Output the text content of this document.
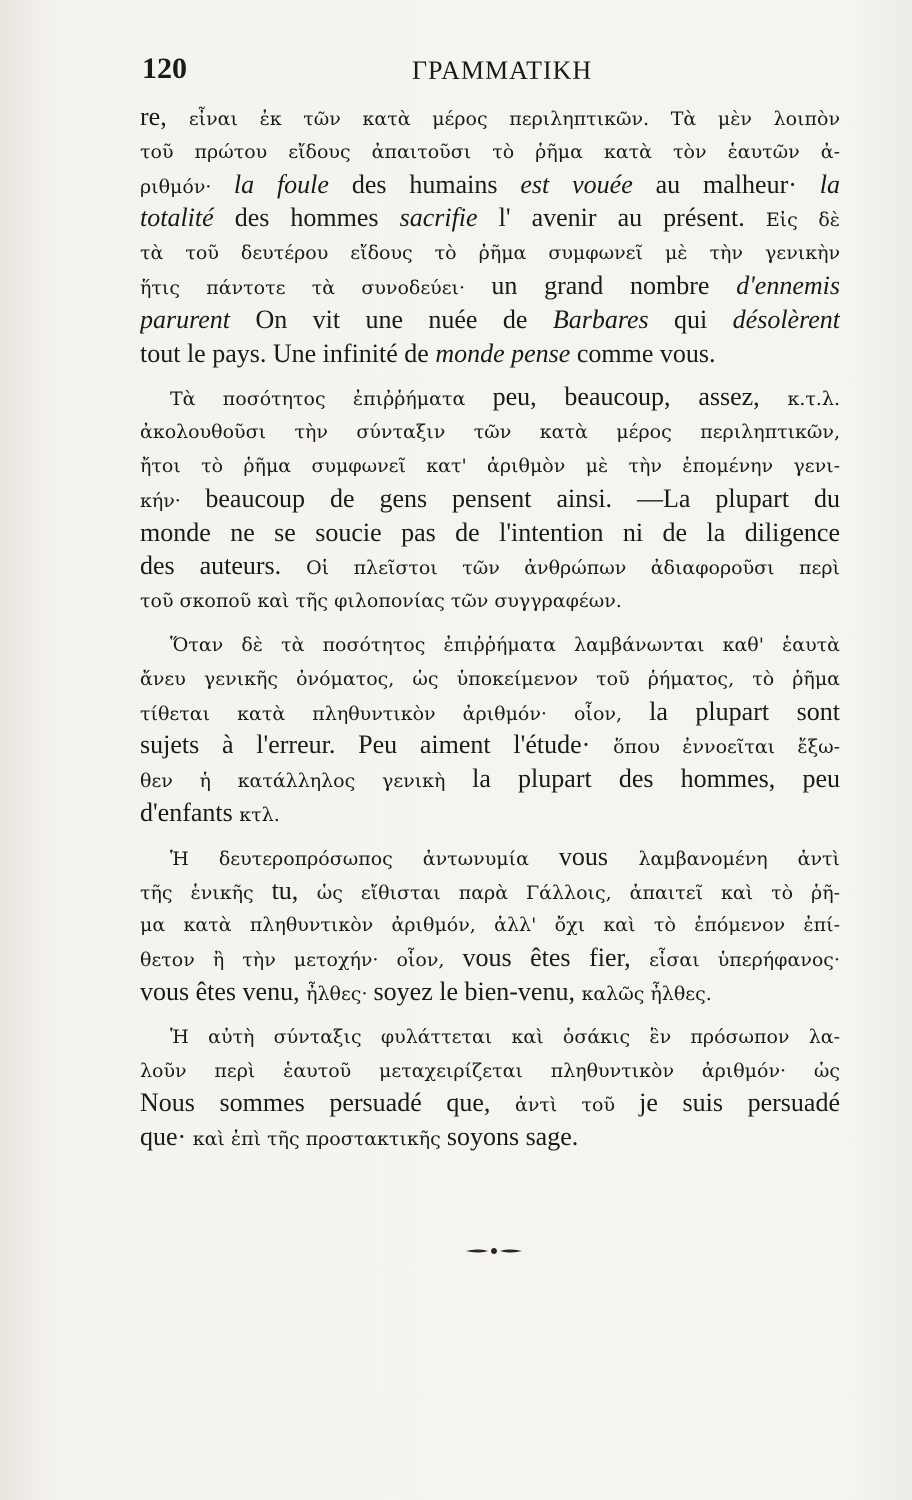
120	ΓΡΑΜΜΑΤΙΚΗ
re, εἶναι ἐκ τῶν κατὰ μέρος περιληπτικῶν. Τὰ μὲν λοιπὸν
τοῦ πρώτου εἴδους ἀπαιτοῦσι τὸ ῥῆμα κατὰ τὸν ἑαυτῶν ἀ-
ριθμόν· la foule des humains est vouée au malheur· la
totalité des hommes sacrifie l' avenir au présent. Εἰς δὲ
τὰ τοῦ δευτέρου εἴδους τὸ ῥῆμα συμφωνεῖ μὲ τὴν γενικὴν
ἥτις πάντοτε τὰ συνοδεύει· un grand nombre d'ennemis
parurent On vit une nuée de Barbares qui désolèrent
tout le pays. Une infinité de monde pense comme vous.
Τὰ ποσότητος ἐπιῤῥήματα peu, beaucoup, assez, κ.τ.λ.
ἀκολουθοῦσι τὴν σύνταξιν τῶν κατὰ μέρος περιληπτικῶν,
ἤτοι τὸ ῥῆμα συμφωνεῖ κατ' ἀριθμὸν μὲ τὴν ἑπομένην γενι-
κήν· beaucoup de gens pensent ainsi. —La plupart du
monde ne se soucie pas de l'intention ni de la diligence
des auteurs. Οἱ πλεῖστοι τῶν ἀνθρώπων ἀδιαφοροῦσι περὶ
τοῦ σκοποῦ καὶ τῆς φιλοπονίας τῶν συγγραφέων.
Ὅταν δὲ τὰ ποσότητος ἐπιῤῥήματα λαμβάνωνται καθ' ἑαυτὰ
ἄνευ γενικῆς ὀνόματος, ὡς ὑποκείμενον τοῦ ῥήματος, τὸ ῥῆμα
τίθεται κατὰ πληθυντικὸν ἀριθμόν· οἷον, la plupart sont
sujets à l'erreur. Peu aiment l'étude· ὅπου ἐννοεῖται ἔξω-
θεν ἡ κατάλληλος γενικὴ la plupart des hommes, peu
d'enfants κτλ.
Ἡ δευτεροπρόσωπος ἀντωνυμία vous λαμβανομένη ἀντὶ
τῆς ἑνικῆς tu, ὡς εἴθισται παρὰ Γάλλοις, ἀπαιτεῖ καὶ τὸ ῥῆ-
μα κατὰ πληθυντικὸν ἀριθμόν, ἀλλ' ὄχι καὶ τὸ ἑπόμενον ἐπί-
θετον ἢ τὴν μετοχήν· οἷον, vous êtes fier, εἶσαι ὑπερήφανος·
vous êtes venu, ἦλθες· soyez le bien-venu, καλῶς ἦλθες.
Ἡ αὐτὴ σύνταξις φυλάττεται καὶ ὁσάκις ἓν πρόσωπον λα-
λοῦν περὶ ἑαυτοῦ μεταχειρίζεται πληθυντικὸν ἀριθμόν· ὡς
Nous sommes persuadé que, ἀντὶ τοῦ je suis persuadé
que· καὶ ἐπὶ τῆς προστακτικῆς soyons sage.
